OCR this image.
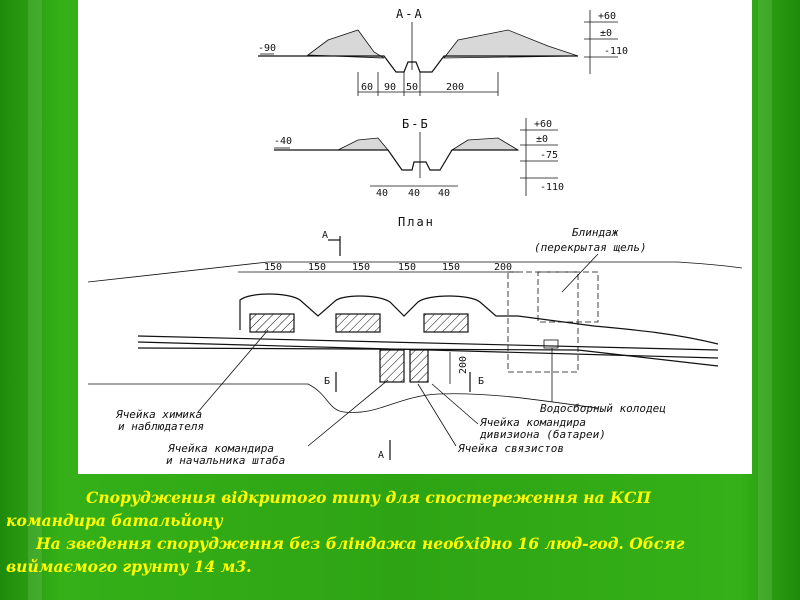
А-А
-90
+60
±0
-110
60 90 50	200
Б-Б
-40
+60
±0
-75
-110
40 40 40
План
А
150	150	150	150	150	200
200
Блиндаж
(перекрытая щель)
Б	Б
А
Ячейка химика
и наблюдателя
Ячейка командира
и начальника штаба
Водосборный колодец
Ячейка командира
дивизиона (батареи)
Ячейка связистов
Споруджения відкритого типу для спостереження на КСП
командира батальйону
На зведення спорудження без бліндажа необхідно 16 люд-год. Обсяг
виймаємого грунту 14 м3.
